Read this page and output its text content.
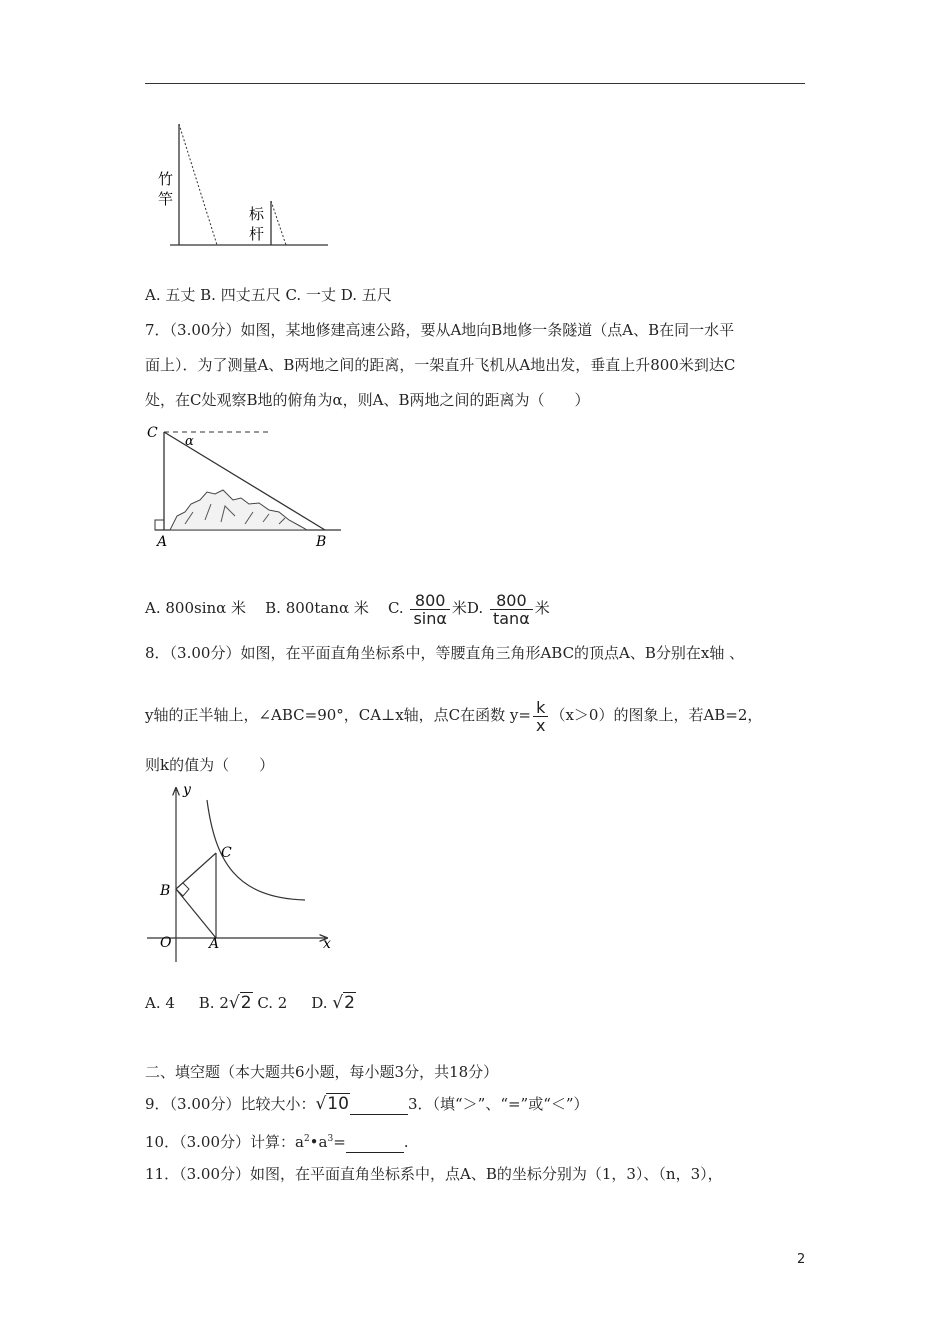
竹
竿
标
杆
A. 五丈 B. 四丈五尺 C. 一丈 D. 五尺
7．（3.00分）如图，某地修建高速公路，要从A地向B地修一条隧道（点A、B在同一水平
面上）．为了测量A、B两地之间的距离，一架直升飞机从A地出发，垂直上升800米到达C
处，在C处观察B地的俯角为α，则A、B两地之间的距离为（　　）
C
α
A	B
A. 800sinα 米 B. 800tanα 米 C. $\frac{800}{\sin\alpha}$ 米D. $\frac{800}{\tan\alpha}$ 米
8．（3.00分）如图，在平面直角坐标系中，等腰直角三角形ABC的顶点A、B分别在x轴 、
y轴的正半轴上，∠ABC=90°，CA⊥x轴，点C在函数 $y= \frac{k}{x} (x>0)$的图象上，若AB=2，
则k的值为（　　）
y
x
O	A
B
C
A. 4 B. 2√2 C. 2 D. √2
二、填空题（本大题共6小题，每小题3分，共18分）
9．（3.00分）比较大小：√10	3．（填“＞”、“=”或“＜”）
10．（3.00分）计算：$a^2•a^3=$	.
11．（3.00分）如图，在平面直角坐标系中，点A、B的坐标分别为（1，3）、（n，3），
2
